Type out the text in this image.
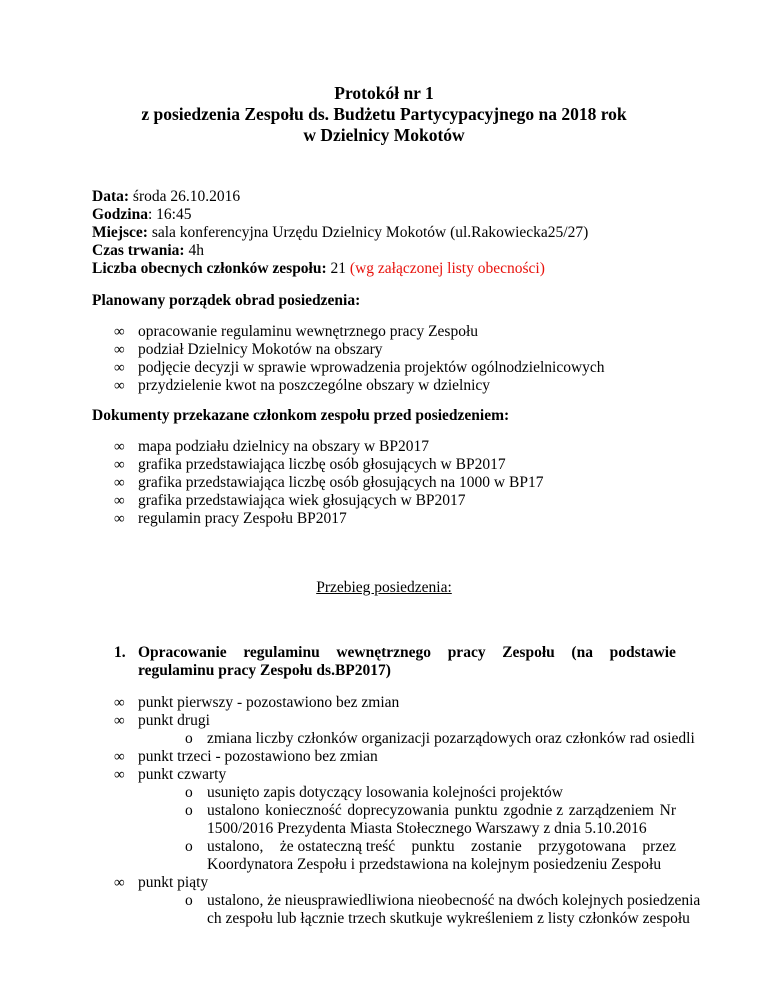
Protokół nr 1
z posiedzenia Zespołu ds. Budżetu Partycypacyjnego na 2018 rok
w Dzielnicy Mokotów
Data: środa 26.10.2016
Godzina: 16:45
Miejsce: sala konferencyjna Urzędu Dzielnicy Mokotów (ul.Rakowiecka25/27)
Czas trwania: 4h
Liczba obecnych członków zespołu: 21 (wg załączonej listy obecności)
Planowany porządek obrad posiedzenia:
∞ opracowanie regulaminu wewnętrznego pracy Zespołu
∞ podział Dzielnicy Mokotów na obszary
∞ podjęcie decyzji w sprawie wprowadzenia projektów ogólnodzielnicowych
∞ przydzielenie kwot na poszczególne obszary w dzielnicy
Dokumenty przekazane członkom zespołu przed posiedzeniem:
∞ mapa podziału dzielnicy na obszary w BP2017
∞ grafika przedstawiająca liczbę osób głosujących w BP2017
∞ grafika przedstawiająca liczbę osób głosujących na 1000 w BP17
∞ grafika przedstawiająca wiek głosujących w BP2017
∞ regulamin pracy Zespołu BP2017
Przebieg posiedzenia:
1. Opracowanie regulaminu wewnętrznego pracy Zespołu (na podstawie
regulaminu pracy Zespołu ds.BP2017)
∞ punkt pierwszy - pozostawiono bez zmian
∞ punkt drugi
o zmiana liczby członków organizacji pozarządowych oraz członków rad osiedli
∞ punkt trzeci - pozostawiono bez zmian
∞ punkt czwarty
o usunięto zapis dotyczący losowania kolejności projektów
o ustalono konieczność doprecyzowania punktu zgodnie z zarządzeniem Nr
1500/2016 Prezydenta Miasta Stołecznego Warszawy z dnia 5.10.2016
o ustalono, że ostateczną treść punktu zostanie przygotowana przez
Koordynatora Zespołu i przedstawiona na kolejnym posiedzeniu Zespołu
∞ punkt piąty
o ustalono, że nieusprawiedliwiona nieobecność na dwóch kolejnych posiedzenia
ch zespołu lub łącznie trzech skutkuje wykreśleniem z listy członków zespołu
